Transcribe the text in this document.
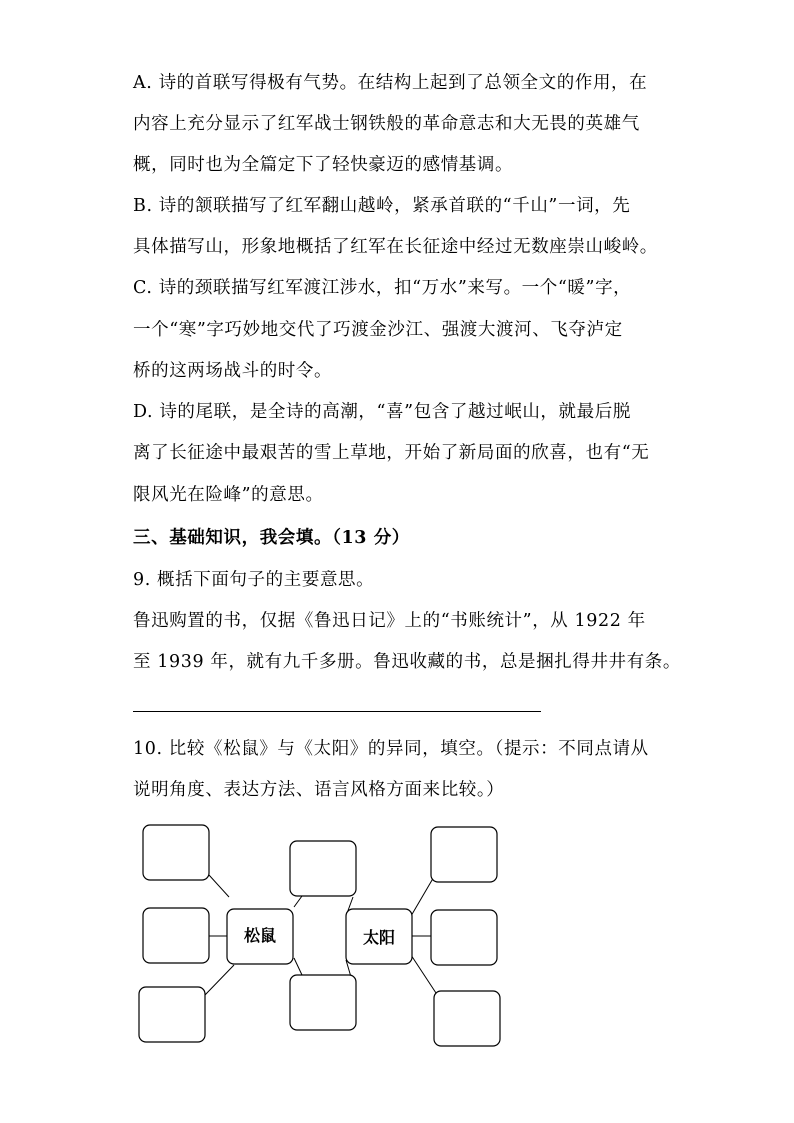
A. 诗的首联写得极有气势。在结构上起到了总领全文的作用，在
内容上充分显示了红军战士钢铁般的革命意志和大无畏的英雄气
概，同时也为全篇定下了轻快豪迈的感情基调。
B. 诗的颔联描写了红军翻山越岭，紧承首联的“千山”一词，先
具体描写山，形象地概括了红军在长征途中经过无数座崇山峻岭。
C. 诗的颈联描写红军渡江涉水，扣“万水”来写。一个“暖”字，
一个“寒”字巧妙地交代了巧渡金沙江、强渡大渡河、飞夺泸定
桥的这两场战斗的时令。
D. 诗的尾联，是全诗的高潮，“喜”包含了越过岷山，就最后脱
离了长征途中最艰苦的雪上草地，开始了新局面的欣喜，也有“无
限风光在险峰”的意思。
三、基础知识，我会填。（13 分）
9. 概括下面句子的主要意思。
鲁迅购置的书，仅据《鲁迅日记》上的“书账统计”，从 1922 年
至 1939 年，就有九千多册。鲁迅收藏的书，总是捆扎得井井有条。
10. 比较《松鼠》与《太阳》的异同，填空。（提示：不同点请从
说明角度、表达方法、语言风格方面来比较。）
松鼠	太阳
